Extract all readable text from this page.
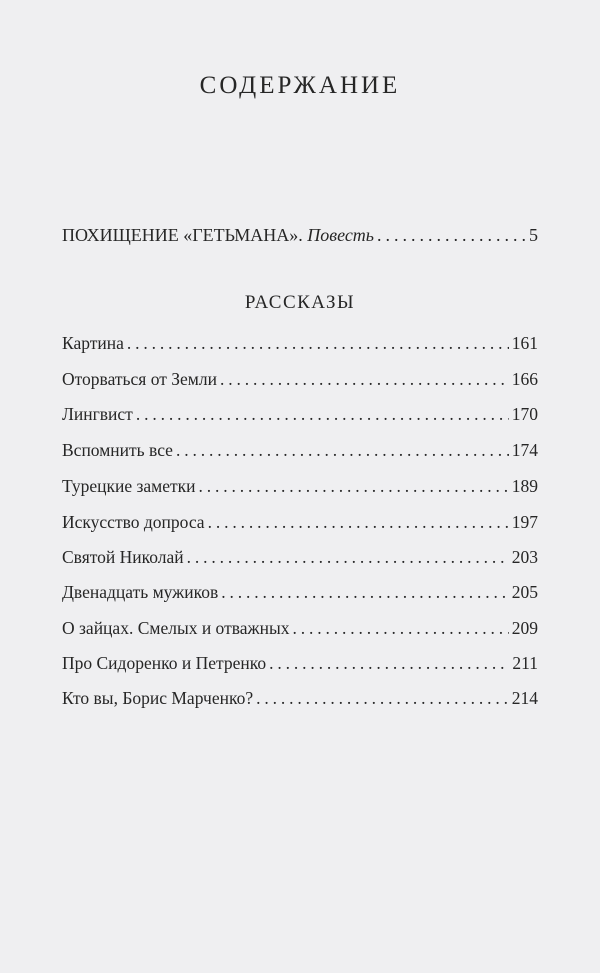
СОДЕРЖАНИЕ
ПОХИЩЕНИЕ «ГЕТЬМАНА». Повесть . . .	5
РАССКАЗЫ
Картина . . .	161
Оторваться от Земли . . .	166
Лингвист . . .	170
Вспомнить все . . .	174
Турецкие заметки . . .	189
Искусство допроса . . .	197
Святой Николай . . .	203
Двенадцать мужиков . . .	205
О зайцах. Смелых и отважных . . .	209
Про Сидоренко и Петренко . . .	211
Кто вы, Борис Марченко? . . .	214
